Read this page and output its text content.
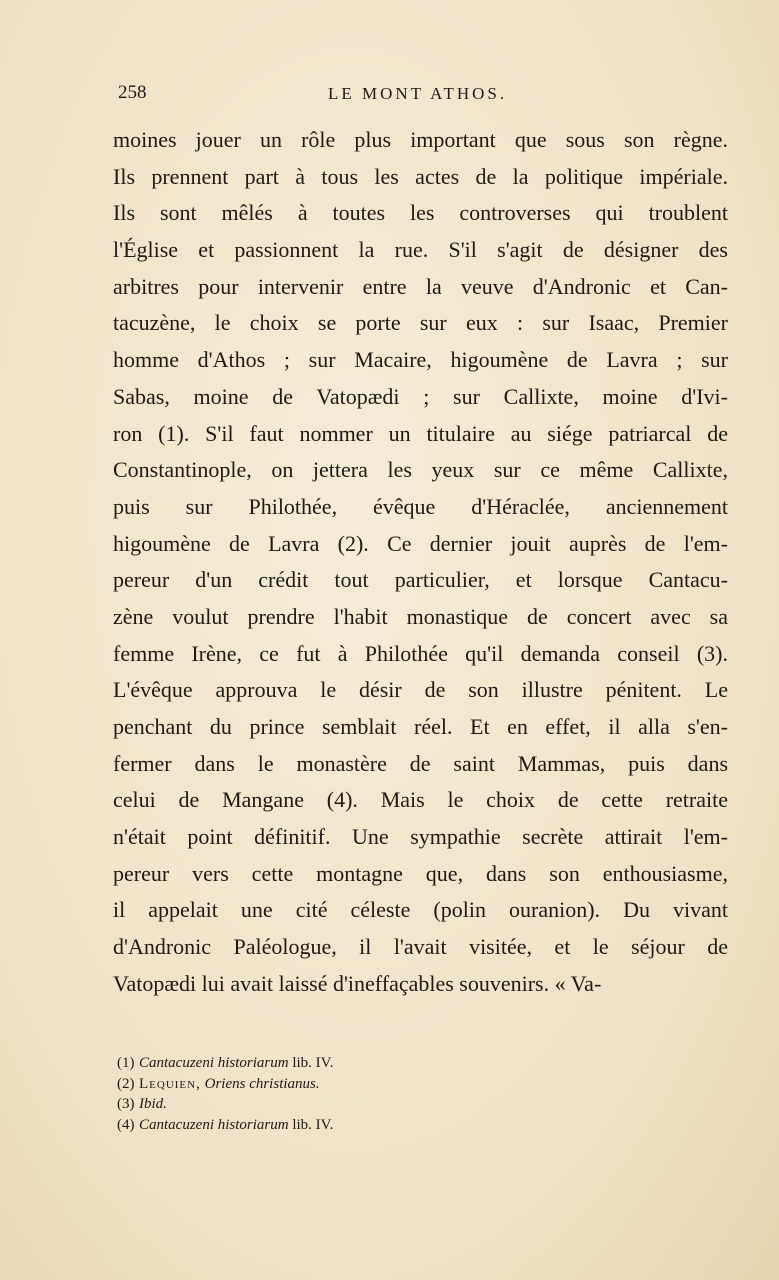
258	LE MONT ATHOS.
moines jouer un rôle plus important que sous son règne.
Ils prennent part à tous les actes de la politique impériale.
Ils sont mêlés à toutes les controverses qui troublent
l'Église et passionnent la rue. S'il s'agit de désigner des
arbitres pour intervenir entre la veuve d'Andronic et Can-
tacuzène, le choix se porte sur eux : sur Isaac, Premier
homme d'Athos ; sur Macaire, higoumène de Lavra ; sur
Sabas, moine de Vatopædi ; sur Callixte, moine d'Ivi-
ron (1). S'il faut nommer un titulaire au siége patriarcal de
Constantinople, on jettera les yeux sur ce même Callixte,
puis sur Philothée, évêque d'Héraclée, anciennement
higoumène de Lavra (2). Ce dernier jouit auprès de l'em-
pereur d'un crédit tout particulier, et lorsque Cantacu-
zène voulut prendre l'habit monastique de concert avec sa
femme Irène, ce fut à Philothée qu'il demanda conseil (3).
L'évêque approuva le désir de son illustre pénitent. Le
penchant du prince semblait réel. Et en effet, il alla s'en-
fermer dans le monastère de saint Mammas, puis dans
celui de Mangane (4). Mais le choix de cette retraite
n'était point définitif. Une sympathie secrète attirait l'em-
pereur vers cette montagne que, dans son enthousiasme,
il appelait une cité céleste (polin ouranion). Du vivant
d'Andronic Paléologue, il l'avait visitée, et le séjour de
Vatopædi lui avait laissé d'ineffaçables souvenirs. « Va-
(1) Cantacuzeni historiarum lib. IV.
(2) Lequien, Oriens christianus.
(3) Ibid.
(4) Cantacuzeni historiarum lib. IV.
